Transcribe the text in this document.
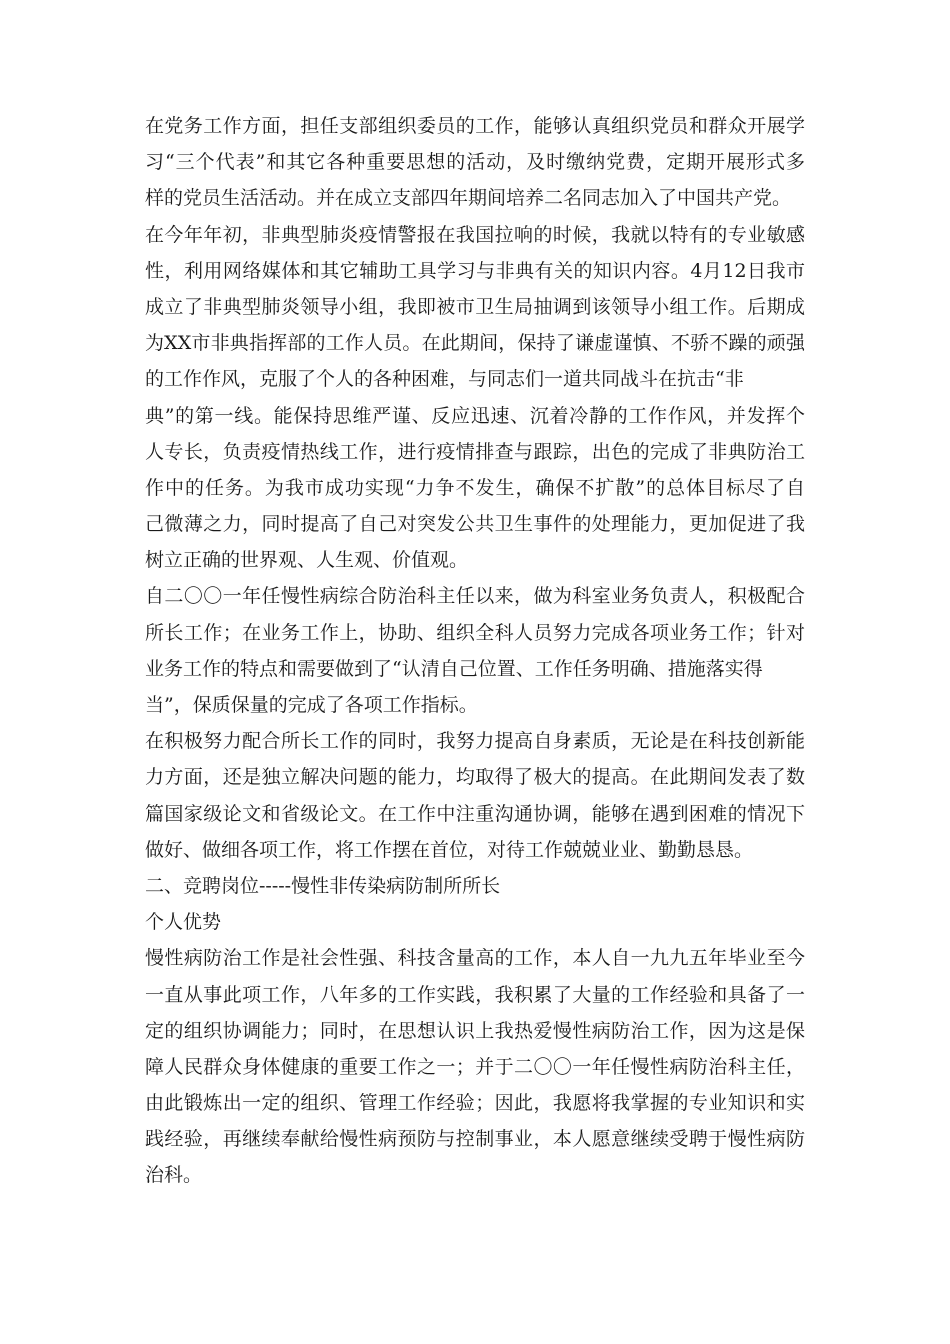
在党务工作方面，担任支部组织委员的工作，能够认真组织党员和群众开展学
习“三个代表”和其它各种重要思想的活动，及时缴纳党费，定期开展形式多
样的党员生活活动。并在成立支部四年期间培养二名同志加入了中国共产党。
在今年年初，非典型肺炎疫情警报在我国拉响的时候，我就以特有的专业敏感
性，利用网络媒体和其它辅助工具学习与非典有关的知识内容。4月12日我市
成立了非典型肺炎领导小组，我即被市卫生局抽调到该领导小组工作。后期成
为XX市非典指挥部的工作人员。在此期间，保持了谦虚谨慎、不骄不躁的顽强
的工作作风，克服了个人的各种困难，与同志们一道共同战斗在抗击“非
典”的第一线。能保持思维严谨、反应迅速、沉着冷静的工作作风，并发挥个
人专长，负责疫情热线工作，进行疫情排查与跟踪，出色的完成了非典防治工
作中的任务。为我市成功实现“力争不发生，确保不扩散”的总体目标尽了自
己微薄之力，同时提高了自己对突发公共卫生事件的处理能力，更加促进了我
树立正确的世界观、人生观、价值观。
自二〇〇一年任慢性病综合防治科主任以来，做为科室业务负责人，积极配合
所长工作；在业务工作上，协助、组织全科人员努力完成各项业务工作；针对
业务工作的特点和需要做到了“认清自己位置、工作任务明确、措施落实得
当”，保质保量的完成了各项工作指标。
在积极努力配合所长工作的同时，我努力提高自身素质，无论是在科技创新能
力方面，还是独立解决问题的能力，均取得了极大的提高。在此期间发表了数
篇国家级论文和省级论文。在工作中注重沟通协调，能够在遇到困难的情况下
做好、做细各项工作，将工作摆在首位，对待工作兢兢业业、勤勤恳恳。
二、竞聘岗位-----慢性非传染病防制所所长
个人优势
慢性病防治工作是社会性强、科技含量高的工作，本人自一九九五年毕业至今
一直从事此项工作，八年多的工作实践，我积累了大量的工作经验和具备了一
定的组织协调能力；同时，在思想认识上我热爱慢性病防治工作，因为这是保
障人民群众身体健康的重要工作之一；并于二〇〇一年任慢性病防治科主任，
由此锻炼出一定的组织、管理工作经验；因此，我愿将我掌握的专业知识和实
践经验，再继续奉献给慢性病预防与控制事业，本人愿意继续受聘于慢性病防
治科。
